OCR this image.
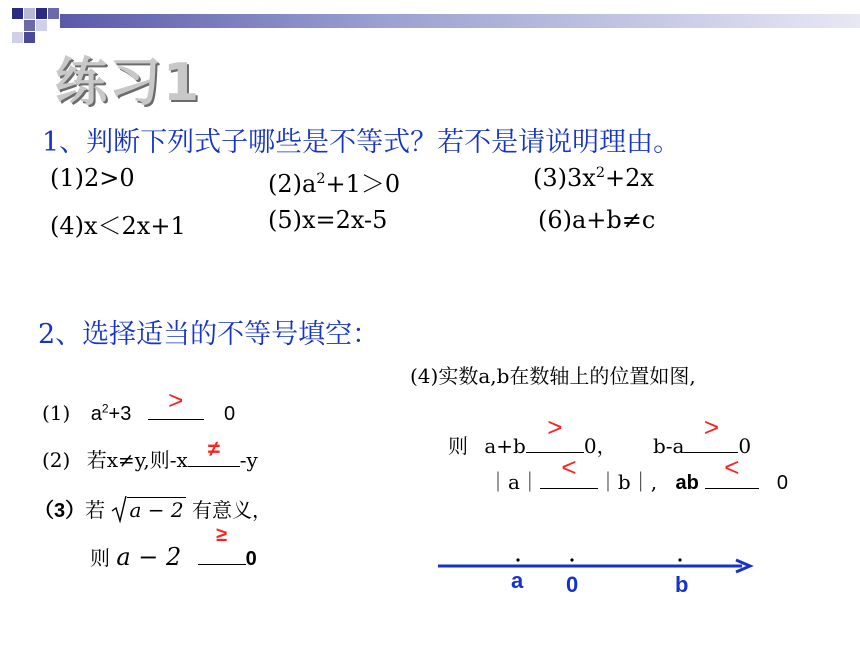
练习1
1、判断下列式子哪些是不等式？若不是请说明理由。
(1)2>0	$(2)a^2+1>0$	$(3)3x^2+2x$
(4)x＜2x+1	(5)x=2x-5	(6)a+b≠c
2、选择适当的不等号填空：
(1) $a^2+3$	>	0
(2) 若x≠y,则-x ≠ -y
（3）若 a − 2 有意义，
则 a − 2
≥
0
(4)实数a,b在数轴上的位置如图,
则 a+b
>
0， b-a
>
0
｜a｜ <	｜b｜, ab
<
0
a 0	b
